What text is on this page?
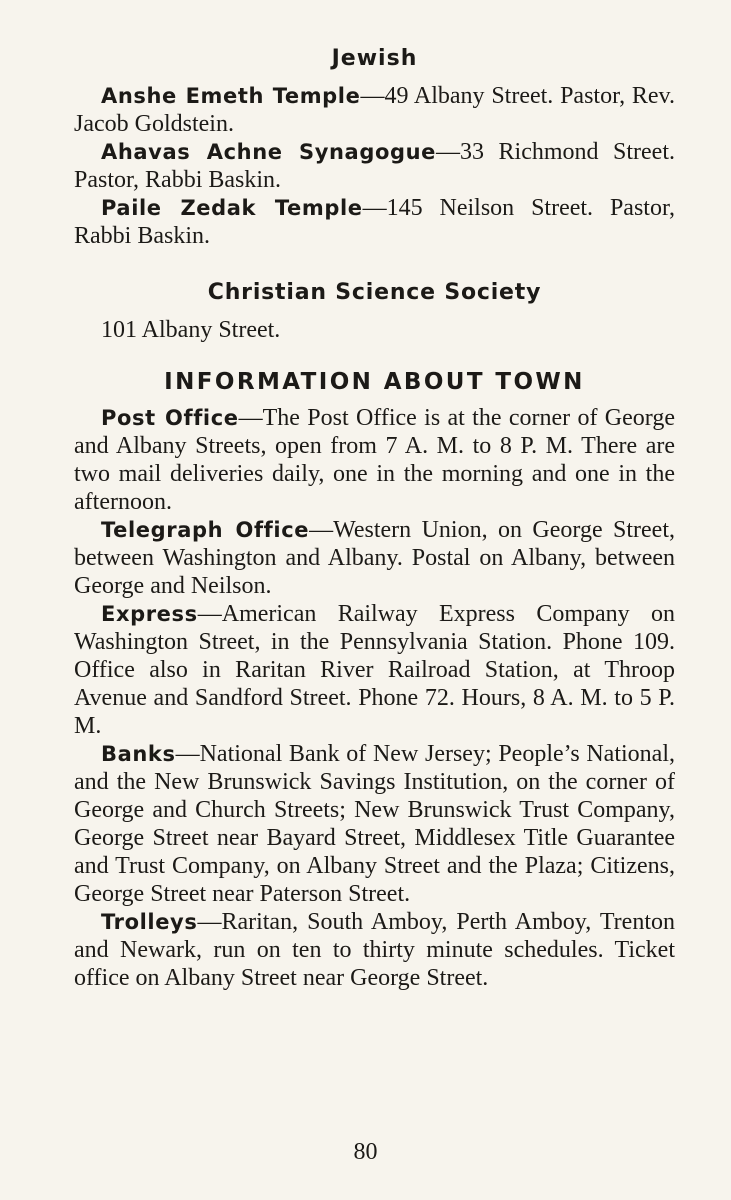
Jewish

Anshe Emeth Temple—49 Albany Street. Pastor, Rev. Jacob Goldstein.

Ahavas Achne Synagogue—33 Richmond Street. Pastor, Rabbi Baskin.

Paile Zedak Temple—145 Neilson Street. Pastor, Rabbi Baskin.

Christian Science Society

101 Albany Street.

INFORMATION ABOUT TOWN

Post Office—The Post Office is at the corner of George and Albany Streets, open from 7 A. M. to 8 P. M. There are two mail deliveries daily, one in the morning and one in the afternoon.

Telegraph Office—Western Union, on George Street, between Washington and Albany. Postal on Albany, between George and Neilson.

Express—American Railway Express Company on Washington Street, in the Pennsylvania Station. Phone 109. Office also in Raritan River Railroad Station, at Throop Avenue and Sandford Street. Phone 72. Hours, 8 A. M. to 5 P. M.

Banks—National Bank of New Jersey; People’s National, and the New Brunswick Savings Institution, on the corner of George and Church Streets; New Brunswick Trust Company, George Street near Bayard Street, Middlesex Title Guarantee and Trust Company, on Albany Street and the Plaza; Citizens, George Street near Paterson Street.

Trolleys—Raritan, South Amboy, Perth Amboy, Trenton and Newark, run on ten to thirty minute schedules. Ticket office on Albany Street near George Street.

80
